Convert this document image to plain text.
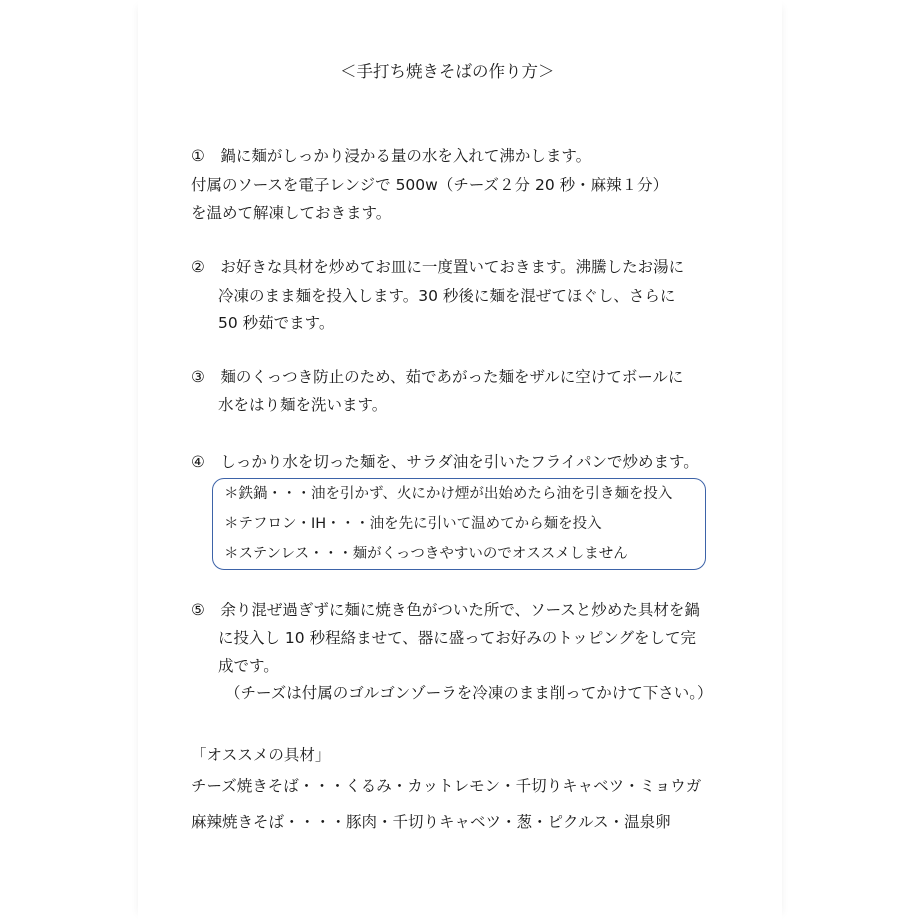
＜手打ち焼きそばの作り方＞
①　鍋に麺がしっかり浸かる量の水を入れて沸かします。
付属のソースを電子レンジで 500w（チーズ２分 20 秒・麻辣１分）
を温めて解凍しておきます。
②　お好きな具材を炒めてお皿に一度置いておきます。沸騰したお湯に
冷凍のまま麺を投入します。30 秒後に麺を混ぜてほぐし、さらに
50 秒茹でます。
③　麺のくっつき防止のため、茹であがった麺をザルに空けてボールに
水をはり麺を洗います。
④　しっかり水を切った麺を、サラダ油を引いたフライパンで炒めます。
＊鉄鍋・・・油を引かず、火にかけ煙が出始めたら油を引き麺を投入
＊テフロン・IH・・・油を先に引いて温めてから麺を投入
＊ステンレス・・・麺がくっつきやすいのでオススメしません
⑤　余り混ぜ過ぎずに麺に焼き色がついた所で、ソースと炒めた具材を鍋
に投入し 10 秒程絡ませて、器に盛ってお好みのトッピングをして完
成です。
（チーズは付属のゴルゴンゾーラを冷凍のまま削ってかけて下さい。）
「オススメの具材」
チーズ焼きそば・・・くるみ・カットレモン・千切りキャベツ・ミョウガ
麻辣焼きそば・・・・豚肉・千切りキャベツ・葱・ピクルス・温泉卵
